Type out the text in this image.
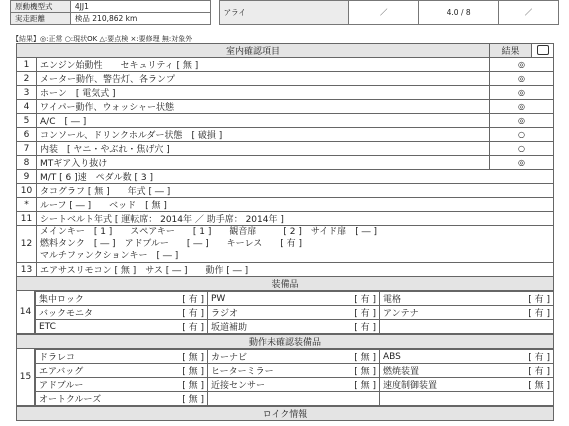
原動機型式	4JJ1		アライ	／	4.0 / 8	／
実走距離	検品 210,862 km					
【結果】◎:正常 ○:現状OK △:要点検 ×:要修理 無:対象外
室内確認項目		結果	
1	エンジン始動性　　セキュリティ [ 無 ]	◎	
2	メーター動作、警告灯、各ランプ	◎	
3	ホーン　[ 電気式 ]	◎	
4	ワイパー動作、ウォッシャー状態	◎	
5	A/C　[ ― ]	◎	
6	コンソール、ドリンクホルダー状態　[ 破損 ]	○	
7	内装　[ ヤニ・やぶれ・焦げ穴 ]	○	
8	MTギア入り抜け	◎	
9	M/T [ 6 ]速　ペダル数 [ 3 ]		
10	タコグラフ [ 無 ]　　年式 [ ― ]		
*	ルーフ [ ― ]　　ベッド　[ 無 ]		
11	シートベルト年式 [ 運転席： 2014年 ／ 助手席： 2014年 ]		
12	メインキー　[ 1 ]　　スペアキー　　[ 1 ]　　観音扉　　　[ 2 ]　サイド扉　[ ― ]
燃料タンク　[ ― ]　アドブルー　　[ ― ]　　キーレス　　[ 有 ]
マルチファンクションキー　[ ― ]		

13	エアサスリモコン [ 無 ]　サス [ ― ]　　動作 [ ― ]		
装備品			
14
集中ロック	[ 有 ]	PW	[ 有 ]	電格	[ 有 ]
バックモニタ	[ 有 ]	ラジオ	[ 有 ]	アンテナ	[ 有 ]
ETC	[ 有 ]	坂道補助	[ 有 ]		
動作未確認装備品
15
ドラレコ	[ 無 ]	カーナビ	[ 無 ]	ABS	[ 有 ]
エアバッグ	[ 無 ]	ヒーターミラー	[ 無 ]	燃焼装置	[ 有 ]
アドブルー	[ 無 ]	近接センサー	[ 無 ]	速度制御装置	[ 無 ]
オートクルーズ	[ 無 ]				
ロイク情報
